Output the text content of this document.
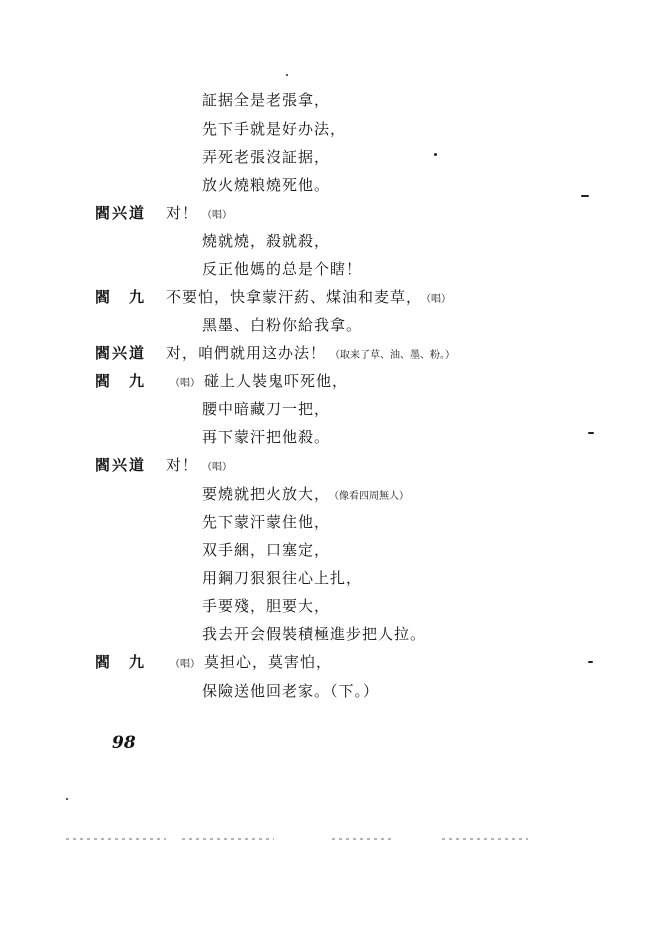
証据全是老張拿，
先下手就是好办法，
弄死老張沒証据，
放火燒粮燒死他。
閻兴道 对！ （唱）
燒就燒，殺就殺，
反正他媽的总是个瞎！
閻　九 不要怕，快拿蒙汗葯、煤油和麦草， （唱）
黑墨、白粉你給我拿。
閻兴道 对，咱們就用这办法！ （取来了草、油、墨、粉。）
閻　九	（唱） 碰上人裝鬼吓死他，
腰中暗藏刀一把，
再下蒙汗把他殺。
閻兴道 对！ （唱）
要燒就把火放大， （像看四周無人）
先下蒙汗蒙住他，
双手綑，口塞定，
用鋼刀狠狠往心上扎，
手要殘，胆要大，
我去开会假裝積極進步把人拉。
閻　九	（唱） 莫担心，莫害怕，
保險送他回老家。（下。）
98
